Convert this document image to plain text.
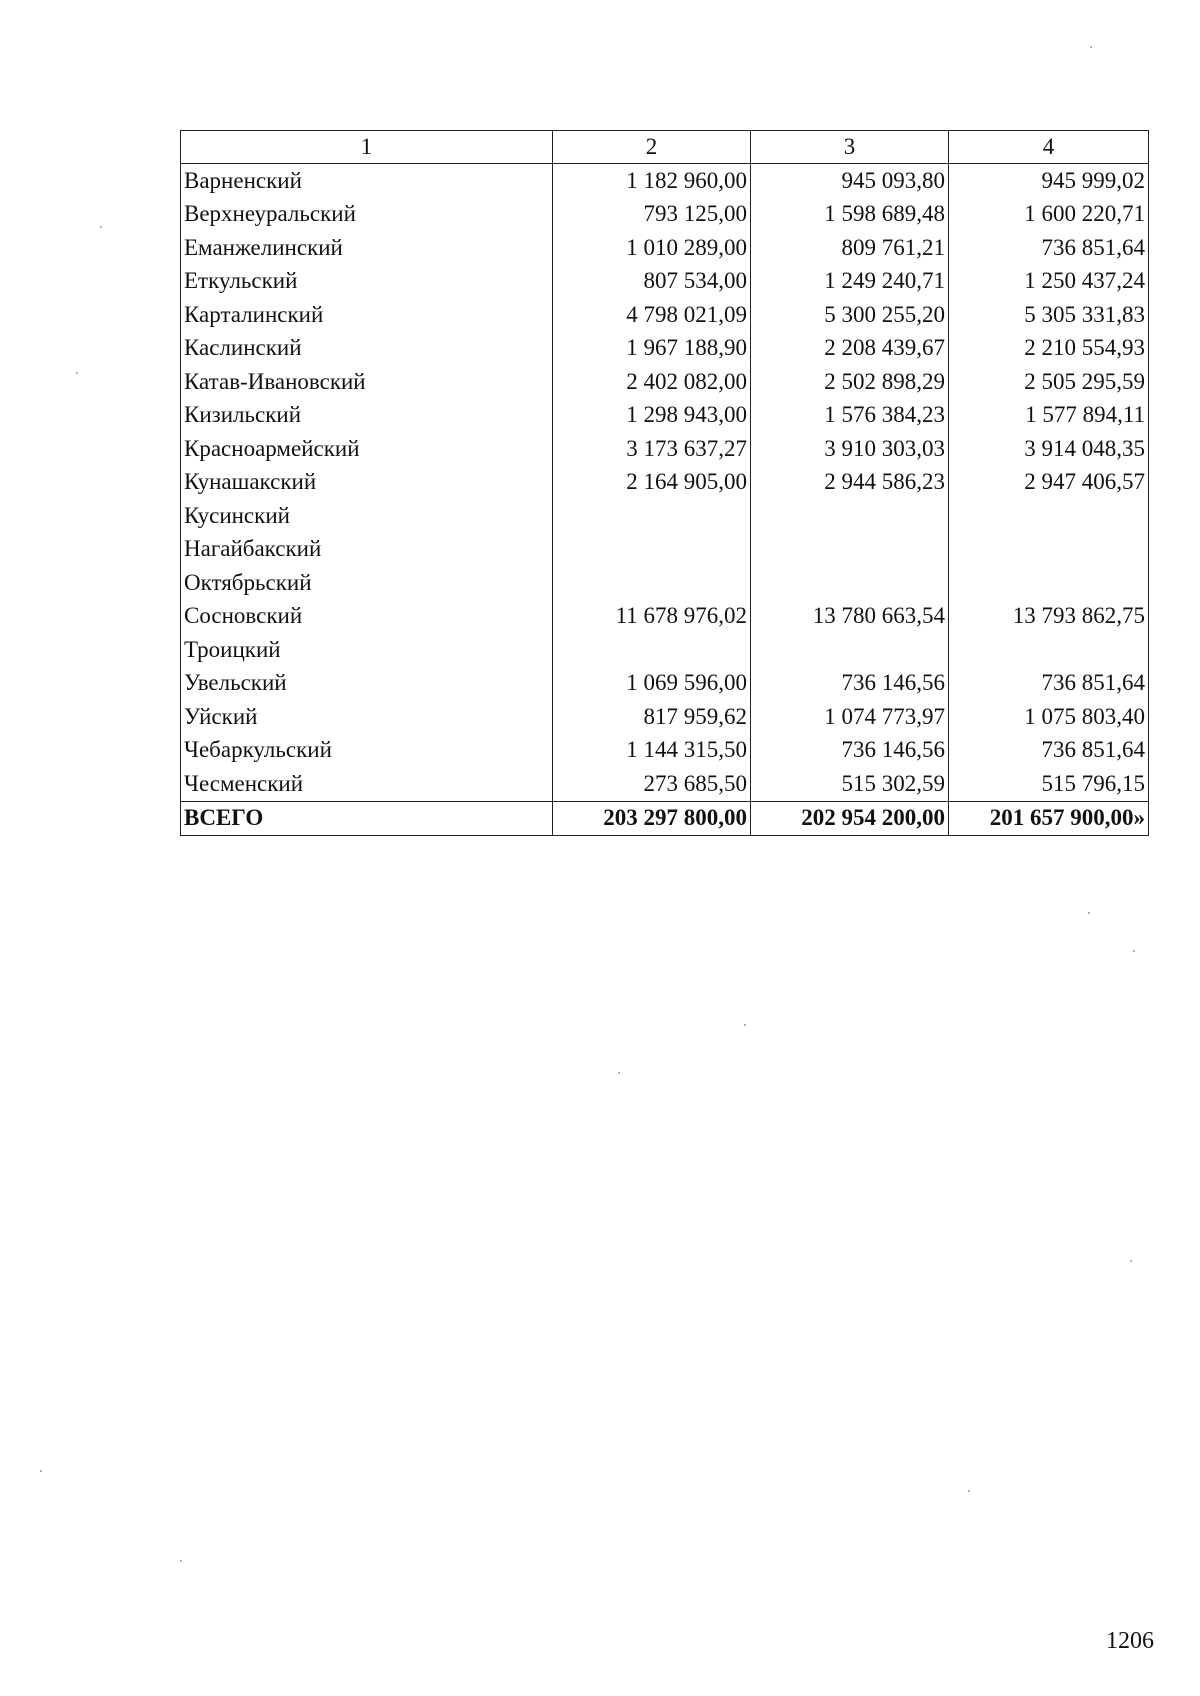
1	2	3	4
Варненский	1 182 960,00	945 093,80	945 999,02
Верхнеуральский	793 125,00	1 598 689,48	1 600 220,71
Еманжелинский	1 010 289,00	809 761,21	736 851,64
Еткульский	807 534,00	1 249 240,71	1 250 437,24
Карталинский	4 798 021,09	5 300 255,20	5 305 331,83
Каслинский	1 967 188,90	2 208 439,67	2 210 554,93
Катав-Ивановский	2 402 082,00	2 502 898,29	2 505 295,59
Кизильский	1 298 943,00	1 576 384,23	1 577 894,11
Красноармейский	3 173 637,27	3 910 303,03	3 914 048,35
Кунашакский	2 164 905,00	2 944 586,23	2 947 406,57
Кусинский			
Нагайбакский			
Октябрьский			
Сосновский	11 678 976,02	13 780 663,54	13 793 862,75
Троицкий			
Увельский	1 069 596,00	736 146,56	736 851,64
Уйский	817 959,62	1 074 773,97	1 075 803,40
Чебаркульский	1 144 315,50	736 146,56	736 851,64
Чесменский	273 685,50	515 302,59	515 796,15
ВСЕГО	203 297 800,00	202 954 200,00	201 657 900,00»
1206
